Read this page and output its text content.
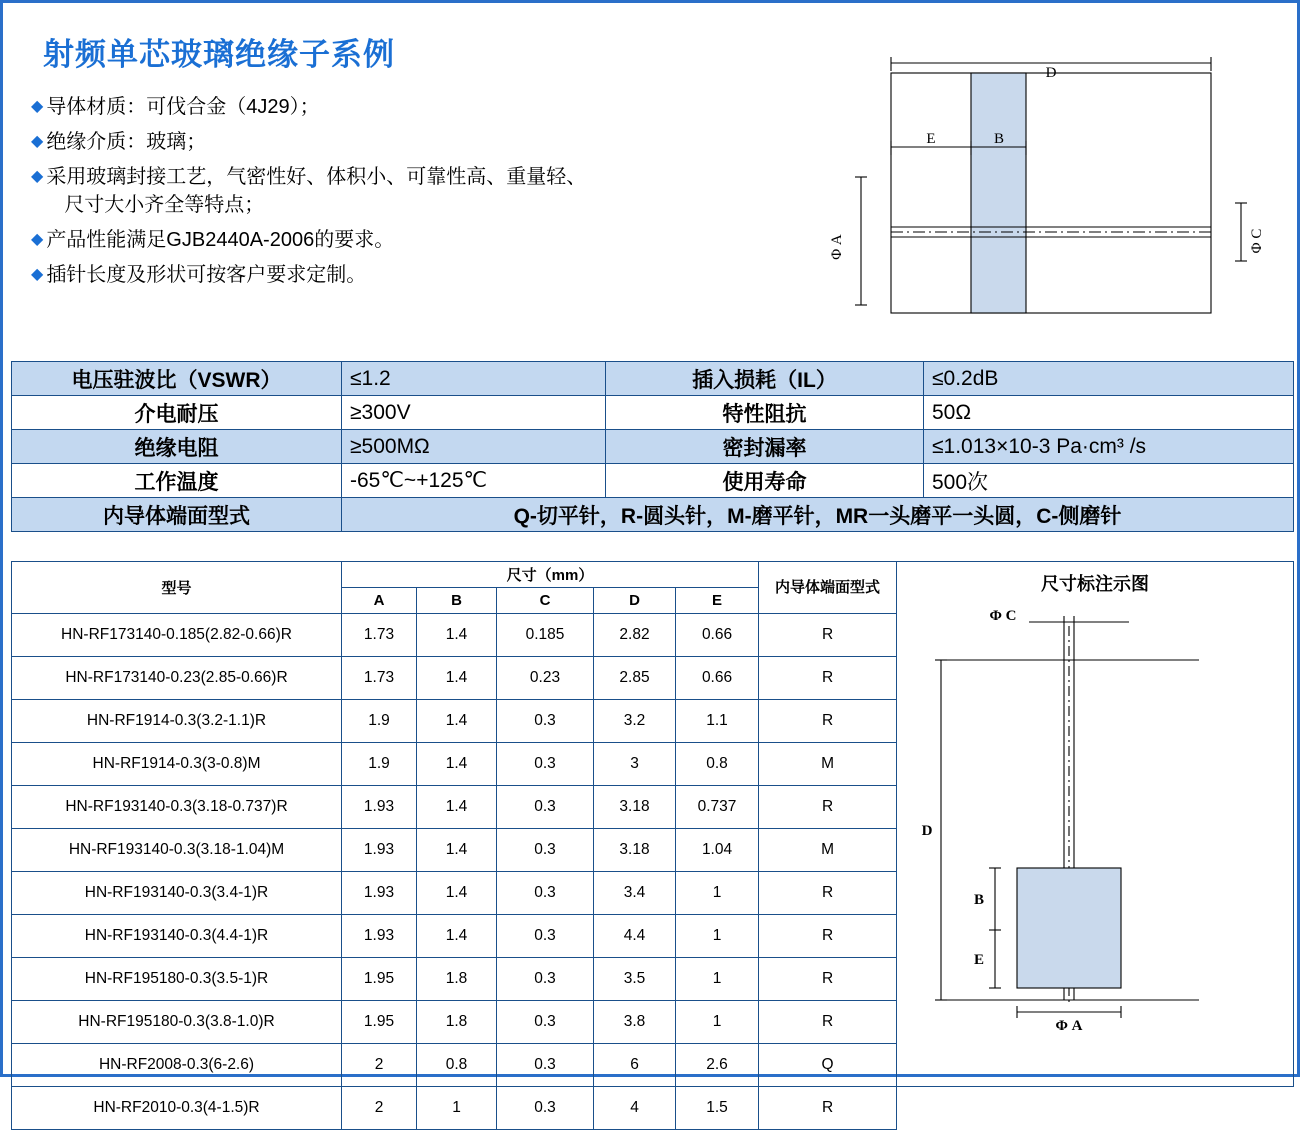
射频单芯玻璃绝缘子系例
◆ 导体材质：可伐合金（4J29）；
◆ 绝缘介质：玻璃；
◆ 采用玻璃封接工艺，气密性好、体积小、可靠性高、重量轻、
尺寸大小齐全等特点；
◆ 产品性能满足GJB2440A-2006的要求。
◆ 插针长度及形状可按客户要求定制。
D
E	B
Φ A	Φ C
电压驻波比（VSWR）	≤1.2	插入损耗（IL）	≤0.2dB
介电耐压	≥300V	特性阻抗	50Ω
绝缘电阻	≥500MΩ	密封漏率	≤1.013×10-3 Pa·cm³ /s
工作温度	-65℃~+125℃	使用寿命	500次
内导体端面型式	Q-切平针，R-圆头针，M-磨平针，MR一头磨平一头圆，C-侧磨针		
型号	尺寸（mm）	内导体端面型式	尺寸标注示图
Φ C
D
B
E
Φ A

	A	B	C	D	E		
HN-RF173140-0.185(2.82-0.66)R	1.73	1.4	0.185	2.82	0.66	R	
HN-RF173140-0.23(2.85-0.66)R	1.73	1.4	0.23	2.85	0.66	R	
HN-RF1914-0.3(3.2-1.1)R	1.9	1.4	0.3	3.2	1.1	R	
HN-RF1914-0.3(3-0.8)M	1.9	1.4	0.3	3	0.8	M	
HN-RF193140-0.3(3.18-0.737)R	1.93	1.4	0.3	3.18	0.737	R	
HN-RF193140-0.3(3.18-1.04)M	1.93	1.4	0.3	3.18	1.04	M	
HN-RF193140-0.3(3.4-1)R	1.93	1.4	0.3	3.4	1	R	
HN-RF193140-0.3(4.4-1)R	1.93	1.4	0.3	4.4	1	R	
HN-RF195180-0.3(3.5-1)R	1.95	1.8	0.3	3.5	1	R	
HN-RF195180-0.3(3.8-1.0)R	1.95	1.8	0.3	3.8	1	R	
HN-RF2008-0.3(6-2.6)	2	0.8	0.3	6	2.6	Q	
HN-RF2010-0.3(4-1.5)R	2	1	0.3	4	1.5	R	
